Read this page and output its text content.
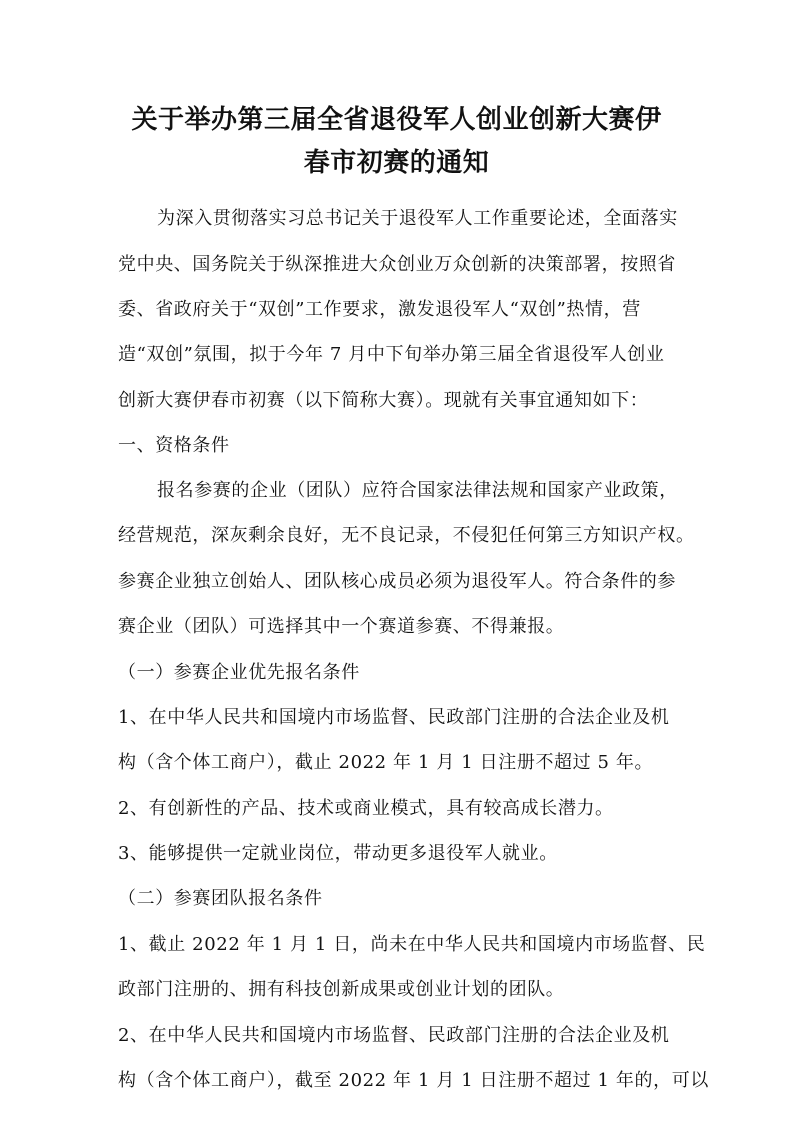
关于举办第三届全省退役军人创业创新大赛伊
春市初赛的通知
为深入贯彻落实习总书记关于退役军人工作重要论述，全面落实
党中央、国务院关于纵深推进大众创业万众创新的决策部署，按照省
委、省政府关于“双创”工作要求，激发退役军人“双创”热情，营
造“双创”氛围，拟于今年 7 月中下旬举办第三届全省退役军人创业
创新大赛伊春市初赛（以下简称大赛）。现就有关事宜通知如下：
一、资格条件
报名参赛的企业（团队）应符合国家法律法规和国家产业政策，
经营规范，深灰剩余良好，无不良记录，不侵犯任何第三方知识产权。
参赛企业独立创始人、团队核心成员必须为退役军人。符合条件的参
赛企业（团队）可选择其中一个赛道参赛、不得兼报。
（一）参赛企业优先报名条件
1、在中华人民共和国境内市场监督、民政部门注册的合法企业及机
构（含个体工商户），截止 2022 年 1 月 1 日注册不超过 5 年。
2、有创新性的产品、技术或商业模式，具有较高成长潜力。
3、能够提供一定就业岗位，带动更多退役军人就业。
（二）参赛团队报名条件
1、截止 2022 年 1 月 1 日，尚未在中华人民共和国境内市场监督、民
政部门注册的、拥有科技创新成果或创业计划的团队。
2、在中华人民共和国境内市场监督、民政部门注册的合法企业及机
构（含个体工商户），截至 2022 年 1 月 1 日注册不超过 1 年的，可以
